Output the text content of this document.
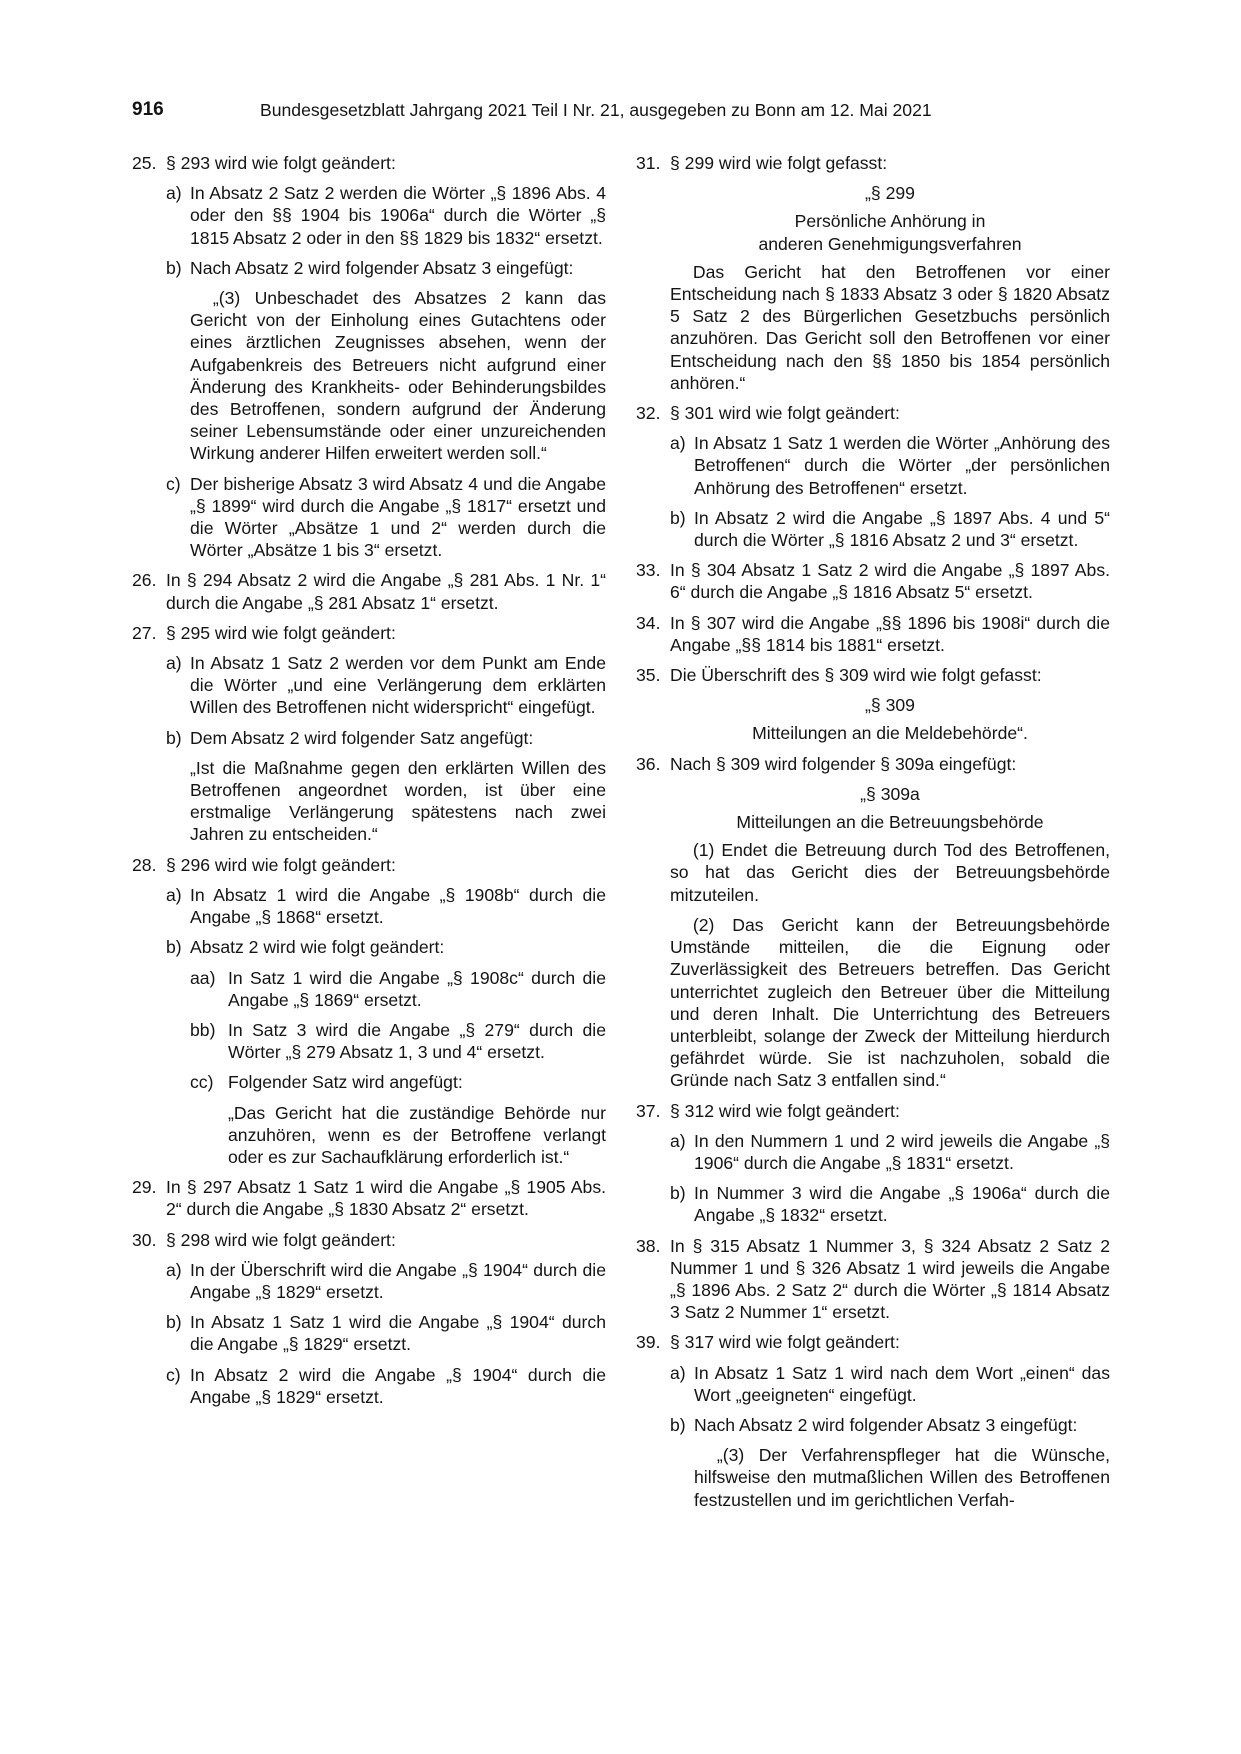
916	Bundesgesetzblatt Jahrgang 2021 Teil I Nr. 21, ausgegeben zu Bonn am 12. Mai 2021
25. § 293 wird wie folgt geändert:

a) In Absatz 2 Satz 2 werden die Wörter „§ 1896 Abs. 4 oder den §§ 1904 bis 1906a“ durch die Wörter „§ 1815 Absatz 2 oder in den §§ 1829 bis 1832“ ersetzt.

b) Nach Absatz 2 wird folgender Absatz 3 eingefügt:

„(3) Unbeschadet des Absatzes 2 kann das Gericht von der Einholung eines Gutachtens oder eines ärztlichen Zeugnisses absehen, wenn der Aufgabenkreis des Betreuers nicht aufgrund einer Änderung des Krankheits- oder Behinderungsbildes des Betroffenen, sondern aufgrund der Änderung seiner Lebensumstände oder einer unzureichenden Wirkung anderer Hilfen erweitert werden soll.“

c) Der bisherige Absatz 3 wird Absatz 4 und die Angabe „§ 1899“ wird durch die Angabe „§ 1817“ ersetzt und die Wörter „Absätze 1 und 2“ werden durch die Wörter „Absätze 1 bis 3“ ersetzt.

26. In § 294 Absatz 2 wird die Angabe „§ 281 Abs. 1 Nr. 1“ durch die Angabe „§ 281 Absatz 1“ ersetzt.

27. § 295 wird wie folgt geändert:

a) In Absatz 1 Satz 2 werden vor dem Punkt am Ende die Wörter „und eine Verlängerung dem erklärten Willen des Betroffenen nicht widerspricht“ eingefügt.

b) Dem Absatz 2 wird folgender Satz angefügt:

„Ist die Maßnahme gegen den erklärten Willen des Betroffenen angeordnet worden, ist über eine erstmalige Verlängerung spätestens nach zwei Jahren zu entscheiden.“

28. § 296 wird wie folgt geändert:

a) In Absatz 1 wird die Angabe „§ 1908b“ durch die Angabe „§ 1868“ ersetzt.

b) Absatz 2 wird wie folgt geändert:

aa) In Satz 1 wird die Angabe „§ 1908c“ durch die Angabe „§ 1869“ ersetzt.

bb) In Satz 3 wird die Angabe „§ 279“ durch die Wörter „§ 279 Absatz 1, 3 und 4“ ersetzt.

cc) Folgender Satz wird angefügt:

„Das Gericht hat die zuständige Behörde nur anzuhören, wenn es der Betroffene verlangt oder es zur Sachaufklärung erforderlich ist.“

29. In § 297 Absatz 1 Satz 1 wird die Angabe „§ 1905 Abs. 2“ durch die Angabe „§ 1830 Absatz 2“ ersetzt.

30. § 298 wird wie folgt geändert:

a) In der Überschrift wird die Angabe „§ 1904“ durch die Angabe „§ 1829“ ersetzt.

b) In Absatz 1 Satz 1 wird die Angabe „§ 1904“ durch die Angabe „§ 1829“ ersetzt.

c) In Absatz 2 wird die Angabe „§ 1904“ durch die Angabe „§ 1829“ ersetzt.

31. § 299 wird wie folgt gefasst:

„§ 299

Persönliche Anhörung in

anderen Genehmigungsverfahren

Das Gericht hat den Betroffenen vor einer Entscheidung nach § 1833 Absatz 3 oder § 1820 Absatz 5 Satz 2 des Bürgerlichen Gesetzbuchs persönlich anzuhören. Das Gericht soll den Betroffenen vor einer Entscheidung nach den §§ 1850 bis 1854 persönlich anhören.“

32. § 301 wird wie folgt geändert:

a) In Absatz 1 Satz 1 werden die Wörter „Anhörung des Betroffenen“ durch die Wörter „der persönlichen Anhörung des Betroffenen“ ersetzt.

b) In Absatz 2 wird die Angabe „§ 1897 Abs. 4 und 5“ durch die Wörter „§ 1816 Absatz 2 und 3“ ersetzt.

33. In § 304 Absatz 1 Satz 2 wird die Angabe „§ 1897 Abs. 6“ durch die Angabe „§ 1816 Absatz 5“ ersetzt.

34. In § 307 wird die Angabe „§§ 1896 bis 1908i“ durch die Angabe „§§ 1814 bis 1881“ ersetzt.

35. Die Überschrift des § 309 wird wie folgt gefasst:

„§ 309

Mitteilungen an die Meldebehörde“.

36. Nach § 309 wird folgender § 309a eingefügt:

„§ 309a

Mitteilungen an die Betreuungsbehörde

(1) Endet die Betreuung durch Tod des Betroffenen, so hat das Gericht dies der Betreuungsbehörde mitzuteilen.

(2) Das Gericht kann der Betreuungsbehörde Umstände mitteilen, die die Eignung oder Zuverlässigkeit des Betreuers betreffen. Das Gericht unterrichtet zugleich den Betreuer über die Mitteilung und deren Inhalt. Die Unterrichtung des Betreuers unterbleibt, solange der Zweck der Mitteilung hierdurch gefährdet würde. Sie ist nachzuholen, sobald die Gründe nach Satz 3 entfallen sind.“

37. § 312 wird wie folgt geändert:

a) In den Nummern 1 und 2 wird jeweils die Angabe „§ 1906“ durch die Angabe „§ 1831“ ersetzt.

b) In Nummer 3 wird die Angabe „§ 1906a“ durch die Angabe „§ 1832“ ersetzt.

38. In § 315 Absatz 1 Nummer 3, § 324 Absatz 2 Satz 2 Nummer 1 und § 326 Absatz 1 wird jeweils die Angabe „§ 1896 Abs. 2 Satz 2“ durch die Wörter „§ 1814 Absatz 3 Satz 2 Nummer 1“ ersetzt.

39. § 317 wird wie folgt geändert:

a) In Absatz 1 Satz 1 wird nach dem Wort „einen“ das Wort „geeigneten“ eingefügt.

b) Nach Absatz 2 wird folgender Absatz 3 eingefügt:

„(3) Der Verfahrenspfleger hat die Wünsche, hilfsweise den mutmaßlichen Willen des Betroffenen festzustellen und im gerichtlichen Verfah-
